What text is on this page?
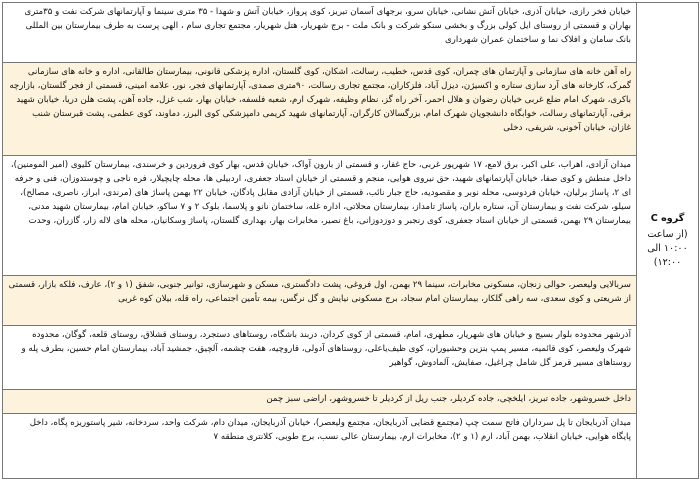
گروه C
(از ساعت ۱۰:۰۰ الی ۱۲:۰۰)
	خیابان فخر رازی، خیابان آذری، خیابان آتش نشانی، خیابان سرو، برجهای آسمان تبریز، کوی پرواز، خیابان آتش و شهدا - ۳۵ متری سینما و آپارتمانهای شرکت نفت و ۳۵متری بهاران و قسمتی از روستای ایل کولی بزرگ و بخشی سنکو شرکت و بانک ملت - برج شهریار، هتل شهریار، مجتمع تجاری سام ، الهی پرست به طرف بیمارستان بین المللی بانک سامان و افلاک نما و ساختمان عمران شهرداری
راه آهن خانه های سازمانی و آپارتمان های چمران، کوی قدس، خطیب، رسالت، اشکان، کوی گلستان، اداره پزشکی قانونی، بیمارستان طالقانی، اداره و خانه های سازمانی گمرک، کارخانه های آرد سازی ستاره و اکسیژن، دیزل آباد، فلزکاران، مجتمع تجاری رسالت، ۹۰متری صمدی، آپارتمانهای فجر، نور، علامه امینی، قسمتی از فجر گلستان، بازارچه باکری، شهرک امام ضلع غربی خیابان رضوان و هلال احمر، آخر راه گز، نظام وظیفه، شهرک ارم، شعبه فلسفه، خیابان بهار، شب غزل، جاده آهن، پشت هلن دریا، خیابان شهید برقی، آپارتمانهای رسالت، خوابگاه دانشجویان شهرک امام، بزرگسالان کارگران، آپارتمانهای شهید کریمی دامپزشکی کوی البرز، دماوند، کوی عظمی، پشت قبرستان شنب غازان، خیابان آخونی، شریفی، دخلی
میدان آزادی، اهراب، علی اکبر، برق لامع، ۱۷ شهریور غربی، حاج غفار، و قسمتی از بارون آواک، خیابان قدس، بهار کوی فروردین و خرسندی، بیمارستان کلیوی (امیر المومنین)، داخل منطش و کوی صفا، خیابان آپارتمانهای شهید، حق نیروی هوایی، منجم و قسمتی از خیابان استاد جعفری، اردبیلی ها، محله چایچیلار، فره ناجی و چوستدوزان، فنی و حرفه ای ۲، پاساژ برلیان، خیابان فردوسی، محله نوبر و مقصودیه، حاج جبار نائب، قسمتی از خیابان آزادی مقابل پادگان، خیابان ۲۲ بهمن پاساژ های (مرندی، ابراز، ناصری، مصالح)، سیلو، شرکت نفت و بیمارستان آن، ستاره باران، پاساژ تامداز، بیمارستان محلاتی، اداره غله، ساختمان نانو و پلاسما، بلوک ۲ و ۷ ساکو، خیابان امام، بیمارستان شهید مدنی، بیمارستان ۲۹ بهمن، قسمتی از خیابان استاد جعفری، کوی رنجبر و دوزدوزانی، باغ نصیر، مخابرات بهار، بهداری گلستان، پاساژ وسکانیان، محله های لاله زار، گازران، وحدت
سربالایی ولیعصر، حوالی زنجان، مسکونی مخابرات، سینما ۲۹ بهمن، اول فروغی، پشت دادگستری، مسکن و شهرسازی، توانیر جنوبی، شفق (۱ و ۲)، عارف، فلکه بازار، قسمتی از شریعتی و کوی سعدی، سه راهی گلکار، بیمارستان امام سجاد، برج مسکونی نیایش و گل نرگس، بیمه تأمین اجتماعی، راه قله، بیلان کوه غربی
آذرشهر محدوده بلوار بسیج و خیابان های شهریار، مطهری، امام، قسمتی از کوی کردان، دربند باشگاه، روستاهای دستجرد، روستای قشلاق، روستای قلعه، گوگان، محدوده شهرک ولیعصر، کوی قائمیه، مسیر پمپ بنزین وحشیوران، کوی ظیف‌یاعلی، روستاهای آدولی، قاروچیه، هفت چشمه، آلچیق، جمشید آباد، بیمارستان امام حسین، بطرف پله و روستاهای مسیر قرمز گل شامل چراغیل، صفایش، آلمادوش، گواهیر
داخل خسروشهر، جاده تبریز، ایلخچی، جاده کردیلر، جنب ریل از کردیلر تا خسروشهر، اراضی سبز چمن
میدان آذربایجان تا پل سرداران فاتح سمت چپ (مجتمع قضایی آذربایجان، مجتمع ولیعصر)، خیابان آذربایجان، میدان دام، شرکت واحد، سردخانه، شیر پاستوریزه پگاه، داخل پایگاه هوایی، خیابان انقلاب، بهمن آباد، ارم (۱ و ۲)، مخابرات ارم، بیمارستان عالی نسب، برج طوبی، کلانتری منطقه ۷
